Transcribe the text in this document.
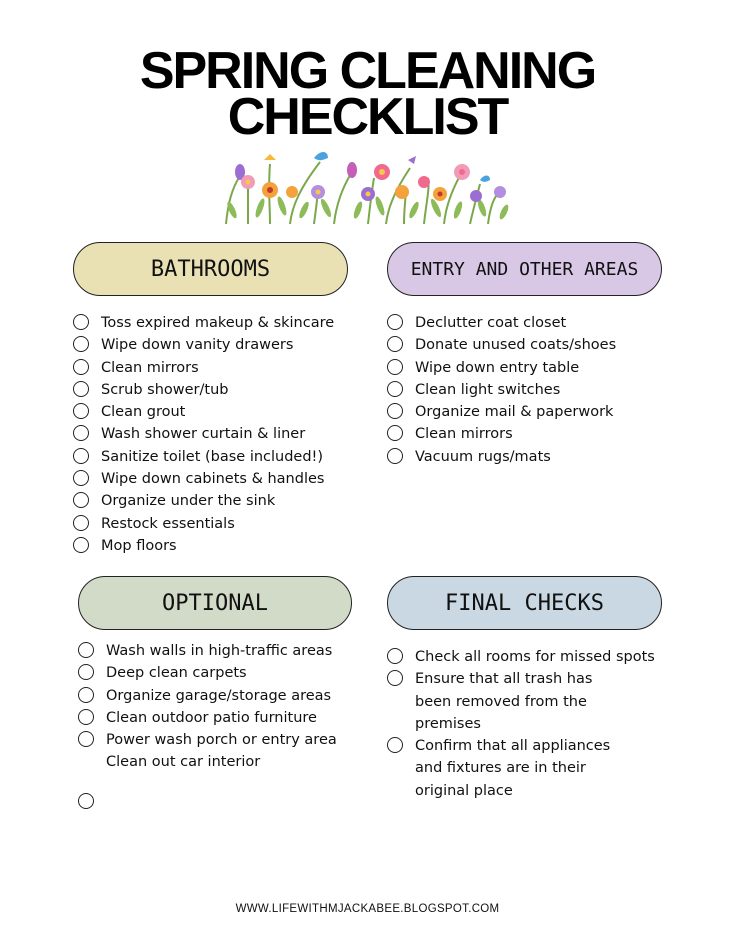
SPRING CLEANING
CHECKLIST
BATHROOMS
Toss expired makeup & skincare
Wipe down vanity drawers
Clean mirrors
Scrub shower/tub
Clean grout
Wash shower curtain & liner
Sanitize toilet (base included!)
Wipe down cabinets & handles
Organize under the sink
Restock essentials
Mop floors
ENTRY AND OTHER AREAS
Declutter coat closet
Donate unused coats/shoes
Wipe down entry table
Clean light switches
Organize mail & paperwork
Clean mirrors
Vacuum rugs/mats
OPTIONAL
Wash walls in high-traffic areas
Deep clean carpets
Organize garage/storage areas
Clean outdoor patio furniture
Power wash porch or entry area
Clean out car interior
FINAL CHECKS
Check all rooms for missed spots
Ensure that all trash has been removed from the premises
Confirm that all appliances and fixtures are in their original place
WWW.LIFEWITHMJACKABEE.BLOGSPOT.COM
